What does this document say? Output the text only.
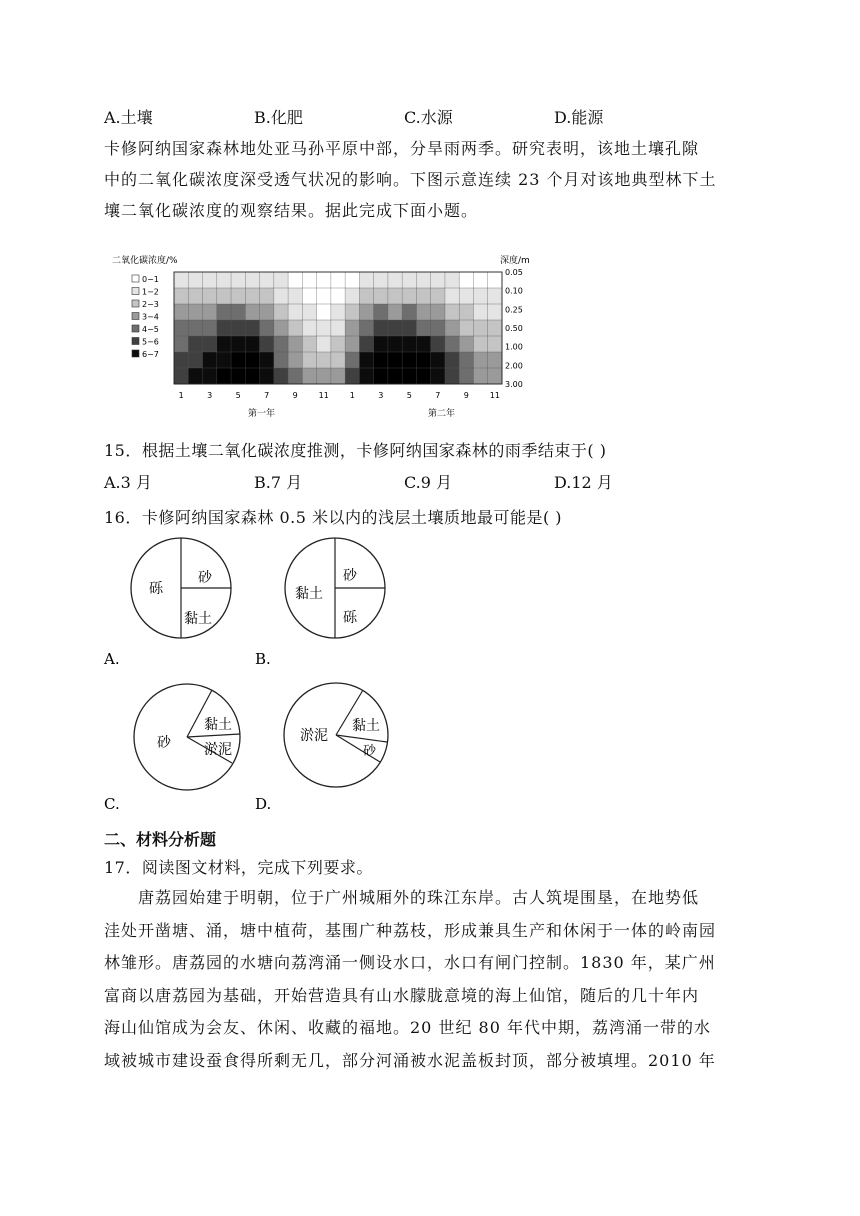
A.土壤	B.化肥	C.水源	D.能源
卡修阿纳国家森林地处亚马孙平原中部，分旱雨两季。研究表明，该地土壤孔隙
中的二氧化碳浓度深受透气状况的影响。下图示意连续 23 个月对该地典型林下土
壤二氧化碳浓度的观察结果。据此完成下面小题。
二氧化碳浓度/%	深度/m
0−1
1−2
2−3
3−4
4−5
5−6
6−7
0.05
0.10
0.25
0.50
1.00
2.00
3.00
1	3	5	7	9	11	1	3	5	7	9	11
第一年	第二年
15．根据土壤二氧化碳浓度推测，卡修阿纳国家森林的雨季结束于( )
A.3 月	B.7 月	C.9 月	D.12 月
16．卡修阿纳国家森林 0.5 米以内的浅层土壤质地最可能是( )
砾
砂
黏土
A.
黏土
砂
砾
B.
砂
黏土
淤泥
C.
淤泥
黏土
砂
D.
二、材料分析题
17．阅读图文材料，完成下列要求。
　　唐荔园始建于明朝，位于广州城厢外的珠江东岸。古人筑堤围垦，在地势低
洼处开凿塘、涌，塘中植荷，基围广种荔枝，形成兼具生产和休闲于一体的岭南园
林雏形。唐荔园的水塘向荔湾涌一侧设水口，水口有闸门控制。1830 年，某广州
富商以唐荔园为基础，开始营造具有山水朦胧意境的海上仙馆，随后的几十年内
海山仙馆成为会友、休闲、收藏的福地。20 世纪 80 年代中期，荔湾涌一带的水
域被城市建设蚕食得所剩无几，部分河涌被水泥盖板封顶，部分被填埋。2010 年
